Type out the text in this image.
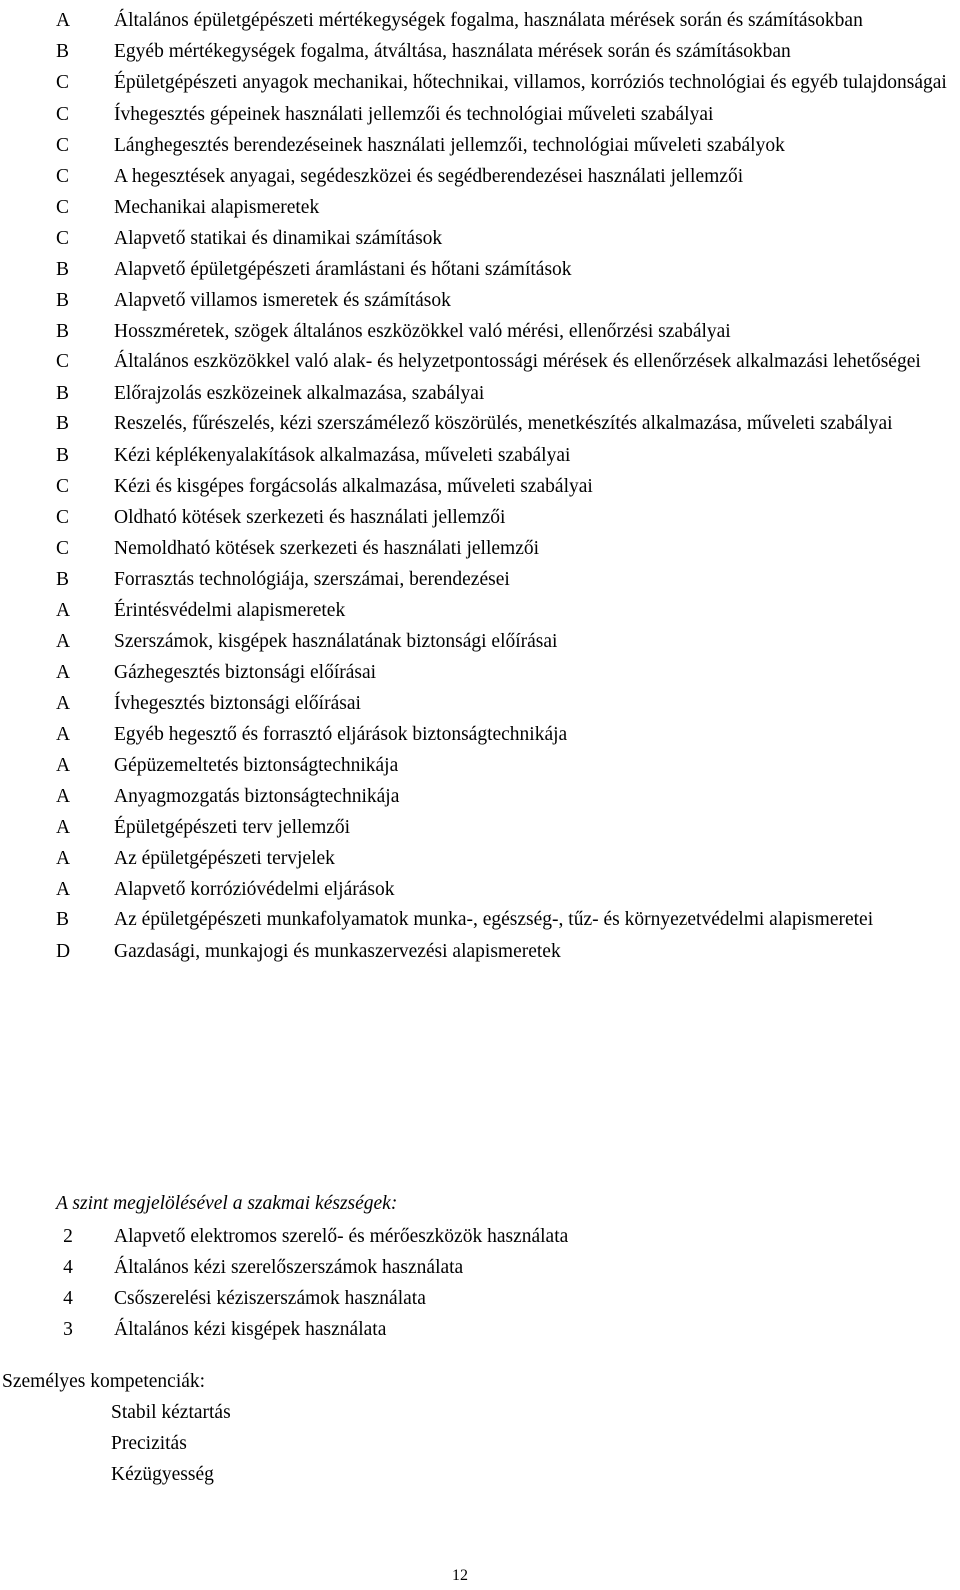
A	Általános épületgépészeti mértékegységek fogalma, használata mérések során és számításokban
B	Egyéb mértékegységek fogalma, átváltása, használata mérések során és számításokban
C	Épületgépészeti anyagok mechanikai, hőtechnikai, villamos, korróziós technológiai és egyéb tulajdonságai
C	Ívhegesztés gépeinek használati jellemzői és technológiai műveleti szabályai
C	Lánghegesztés berendezéseinek használati jellemzői, technológiai műveleti szabályok
C	A hegesztések anyagai, segédeszközei és segédberendezései használati jellemzői
C	Mechanikai alapismeretek
C	Alapvető statikai és dinamikai számítások
B	Alapvető épületgépészeti áramlástani és hőtani számítások
B	Alapvető villamos ismeretek és számítások
B	Hosszméretek, szögek általános eszközökkel való mérési, ellenőrzési szabályai
C	Általános eszközökkel való alak- és helyzetpontossági mérések és ellenőrzések alkalmazási lehetőségei
B	Előrajzolás eszközeinek alkalmazása, szabályai
B	Reszelés, fűrészelés, kézi szerszámélező köszörülés, menetkészítés alkalmazása, műveleti szabályai
B	Kézi képlékenyalakítások alkalmazása, műveleti szabályai
C	Kézi és kisgépes forgácsolás alkalmazása, műveleti szabályai
C	Oldható kötések szerkezeti és használati jellemzői
C	Nemoldható kötések szerkezeti és használati jellemzői
B	Forrasztás technológiája, szerszámai, berendezései
A	Érintésvédelmi alapismeretek
A	Szerszámok, kisgépek használatának biztonsági előírásai
A	Gázhegesztés biztonsági előírásai
A	Ívhegesztés biztonsági előírásai
A	Egyéb hegesztő és forrasztó eljárások biztonságtechnikája
A	Gépüzemeltetés biztonságtechnikája
A	Anyagmozgatás biztonságtechnikája
A	Épületgépészeti terv jellemzői
A	Az épületgépészeti tervjelek
A	Alapvető korrózióvédelmi eljárások
B	Az épületgépészeti munkafolyamatok munka-, egészség-, tűz- és környezetvédelmi alapismeretei
D	Gazdasági, munkajogi és munkaszervezési alapismeretek
A szint megjelölésével a szakmai készségek:
2	Alapvető elektromos szerelő- és mérőeszközök használata
4	Általános kézi szerelőszerszámok használata
4	Csőszerelési kéziszerszámok használata
3	Általános kézi kisgépek használata
Személyes kompetenciák:
Stabil kéztartás
Precizitás
Kézügyesség
12
